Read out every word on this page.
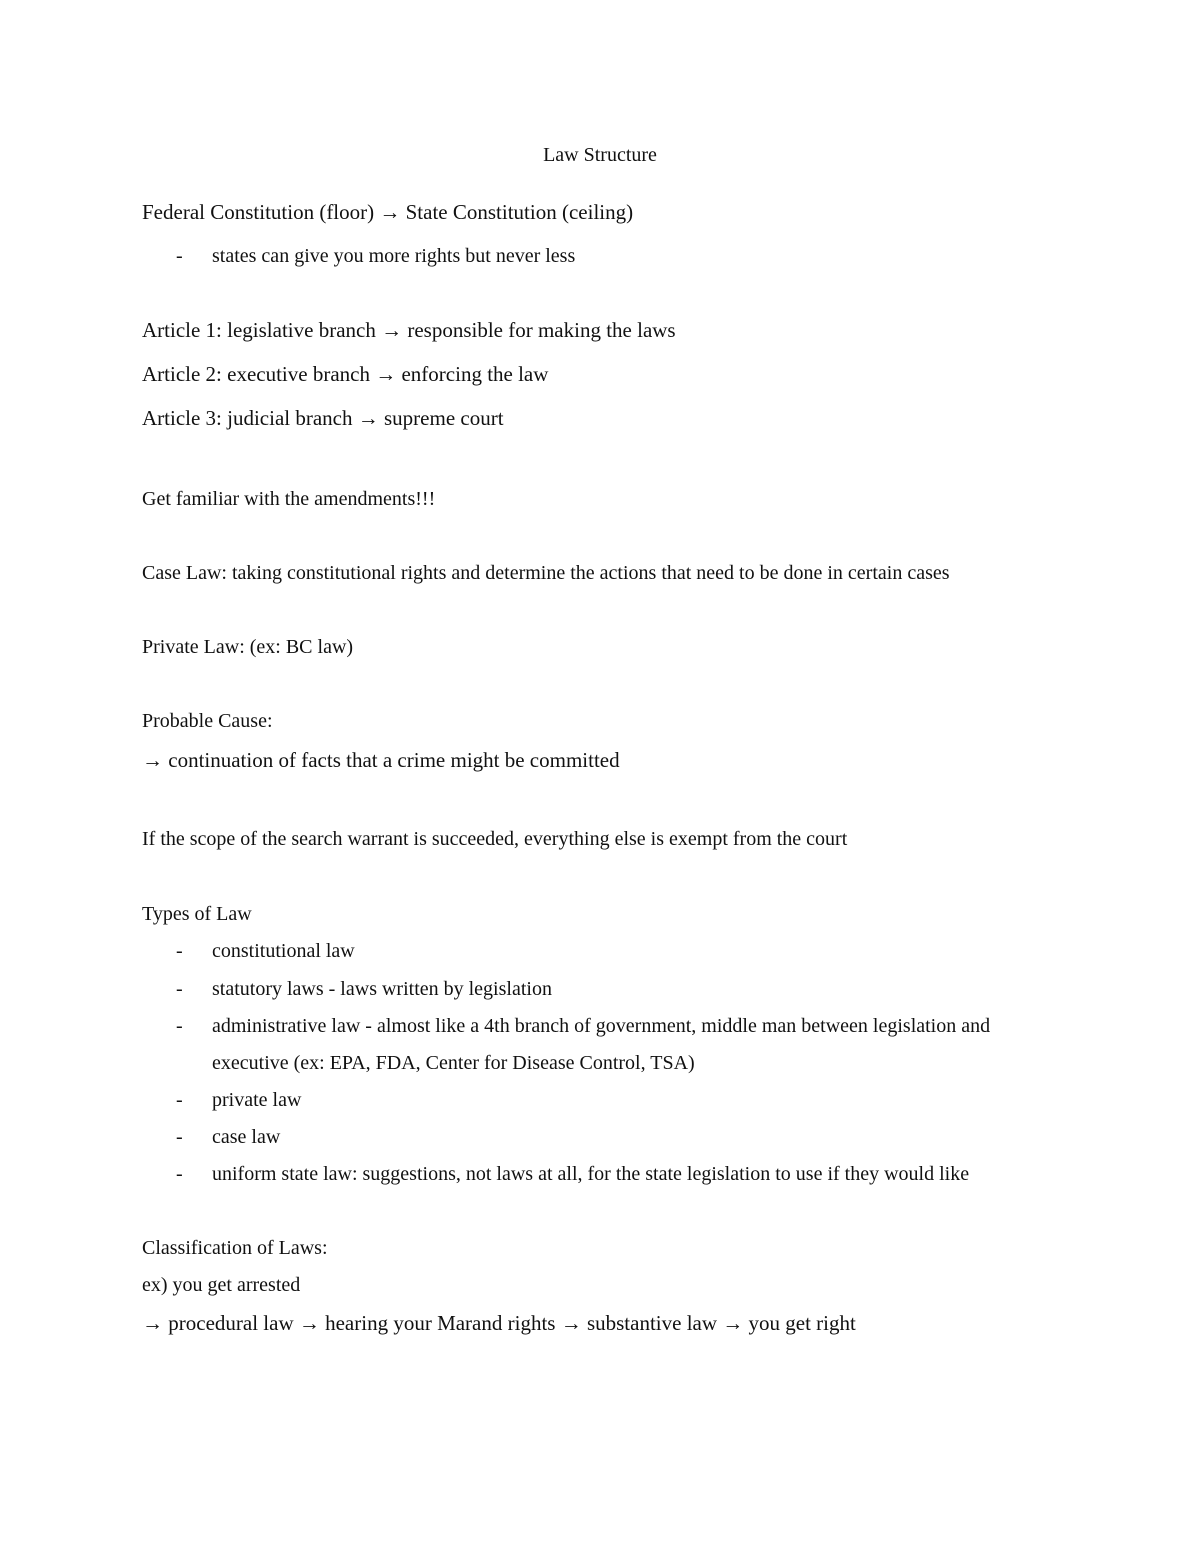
Law Structure

Federal Constitution (floor) → State Constitution (ceiling)

- states can give you more rights but never less

Article 1: legislative branch → responsible for making the laws

Article 2: executive branch → enforcing the law

Article 3: judicial branch → supreme court

Get familiar with the amendments!!!

Case Law: taking constitutional rights and determine the actions that need to be done in certain cases

Private Law: (ex: BC law)

Probable Cause:

→ continuation of facts that a crime might be committed

If the scope of the search warrant is succeeded, everything else is exempt from the court

Types of Law

- constitutional law

- statutory laws - laws written by legislation

- administrative law - almost like a 4th branch of government, middle man between legislation and

executive (ex: EPA, FDA, Center for Disease Control, TSA)

- private law

- case law

- uniform state law: suggestions, not laws at all, for the state legislation to use if they would like

Classification of Laws:

ex) you get arrested

→ procedural law → hearing your Marand rights → substantive law → you get right
